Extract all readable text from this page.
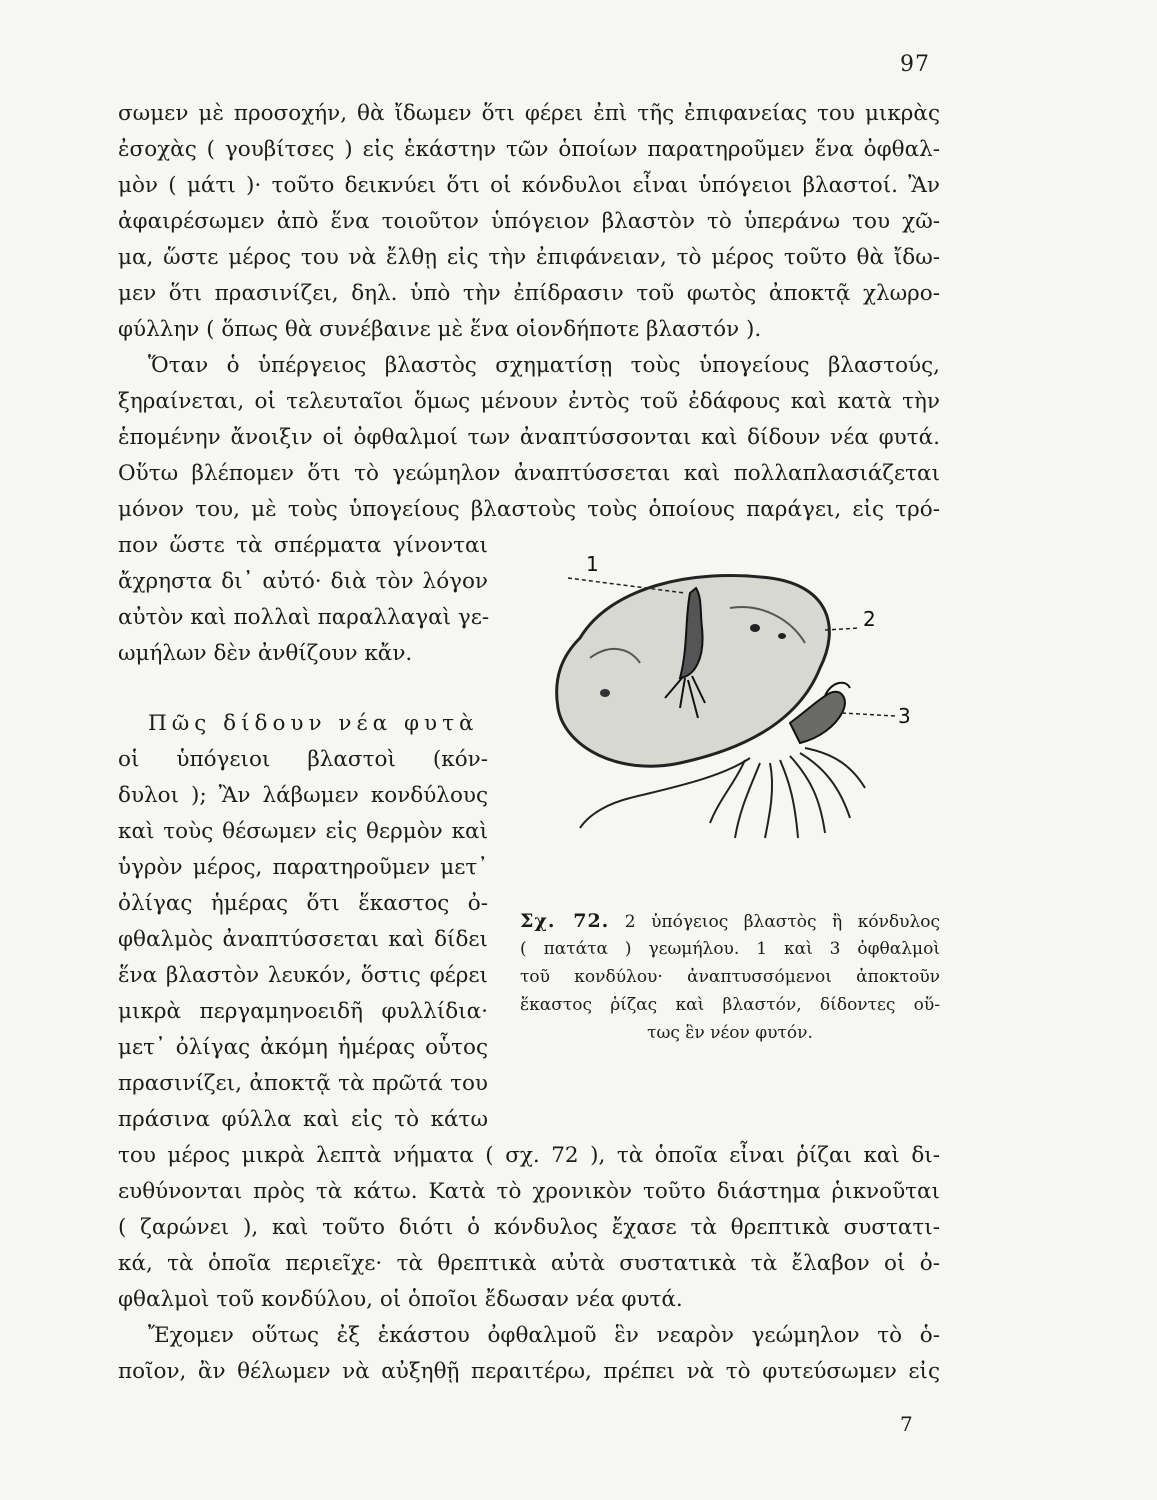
97
σωμεν μὲ προσοχήν, θὰ ἴδωμεν ὅτι φέρει ἐπὶ τῆς ἐπιφανείας του μικρὰς
ἐσοχὰς ( γουβίτσες ) εἰς ἑκάστην τῶν ὁποίων παρατηροῦμεν ἕνα ὀφθαλ-
μὸν ( μάτι )· τοῦτο δεικνύει ὅτι οἱ κόνδυλοι εἶναι ὑπόγειοι βλαστοί. Ἂν
ἀφαιρέσωμεν ἀπὸ ἕνα τοιοῦτον ὑπόγειον βλαστὸν τὸ ὑπεράνω του χῶ-
μα, ὥστε μέρος του νὰ ἔλθῃ εἰς τὴν ἐπιφάνειαν, τὸ μέρος τοῦτο θὰ ἴδω-
μεν ὅτι πρασινίζει, δηλ. ὑπὸ τὴν ἐπίδρασιν τοῦ φωτὸς ἀποκτᾷ χλωρο-
φύλλην ( ὅπως θὰ συνέβαινε μὲ ἕνα οἱονδήποτε βλαστόν ).
Ὅταν ὁ ὑπέργειος βλαστὸς σχηματίσῃ τοὺς ὑπογείους βλαστούς,
ξηραίνεται, οἱ τελευταῖοι ὅμως μένουν ἐντὸς τοῦ ἐδάφους καὶ κατὰ τὴν
ἑπομένην ἄνοιξιν οἱ ὀφθαλμοί των ἀναπτύσσονται καὶ δίδουν νέα φυτά.
Οὕτω βλέπομεν ὅτι τὸ γεώμηλον ἀναπτύσσεται καὶ πολλαπλασιάζεται
μόνον του, μὲ τοὺς ὑπογείους βλαστοὺς τοὺς ὁποίους παράγει, εἰς τρό-
πον ὥστε τὰ σπέρματα γίνονται
ἄχρηστα δι᾽ αὐτό· διὰ τὸν λόγον
αὐτὸν καὶ πολλαὶ παραλλαγαὶ γε-
ωμήλων δὲν ἀνθίζουν κἄν.
Πῶς δίδουν νέα φυτὰ
οἱ ὑπόγειοι βλαστοὶ (κόν-
δυλοι ); Ἂν λάβωμεν κονδύλους
καὶ τοὺς θέσωμεν εἰς θερμὸν καὶ
ὑγρὸν μέρος, παρατηροῦμεν μετ᾽
ὀλίγας ἡμέρας ὅτι ἕκαστος ὀ-
φθαλμὸς ἀναπτύσσεται καὶ δίδει
ἕνα βλαστὸν λευκόν, ὅστις φέρει
μικρὰ περγαμηνοειδῆ φυλλίδια·
μετ᾽ ὀλίγας ἀκόμη ἡμέρας οὗτος
πρασινίζει, ἀποκτᾷ τὰ πρῶτά του
πράσινα φύλλα καὶ εἰς τὸ κάτω
1
2
3
Σχ. 72. 2 ὑπόγειος βλαστὸς ἢ κόνδυλος
( πατάτα ) γεωμήλου. 1 καὶ 3 ὀφθαλμοὶ
τοῦ κονδύλου· ἀναπτυσσόμενοι ἀποκτοῦν
ἕκαστος ῥίζας καὶ βλαστόν, δίδοντες οὕ-
τως ἓν νέον φυτόν.
του μέρος μικρὰ λεπτὰ νήματα ( σχ. 72 ), τὰ ὁποῖα εἶναι ῥίζαι καὶ δι-
ευθύνονται πρὸς τὰ κάτω. Κατὰ τὸ χρονικὸν τοῦτο διάστημα ῥικνοῦται
( ζαρώνει ), καὶ τοῦτο διότι ὁ κόνδυλος ἔχασε τὰ θρεπτικὰ συστατι-
κά, τὰ ὁποῖα περιεῖχε· τὰ θρεπτικὰ αὐτὰ συστατικὰ τὰ ἔλαβον οἱ ὀ-
φθαλμοὶ τοῦ κονδύλου, οἱ ὁποῖοι ἔδωσαν νέα φυτά.
Ἔχομεν οὕτως ἐξ ἑκάστου ὀφθαλμοῦ ἓν νεαρὸν γεώμηλον τὸ ὁ-
ποῖον, ἂν θέλωμεν νὰ αὐξηθῇ περαιτέρω, πρέπει νὰ τὸ φυτεύσωμεν εἰς
7
